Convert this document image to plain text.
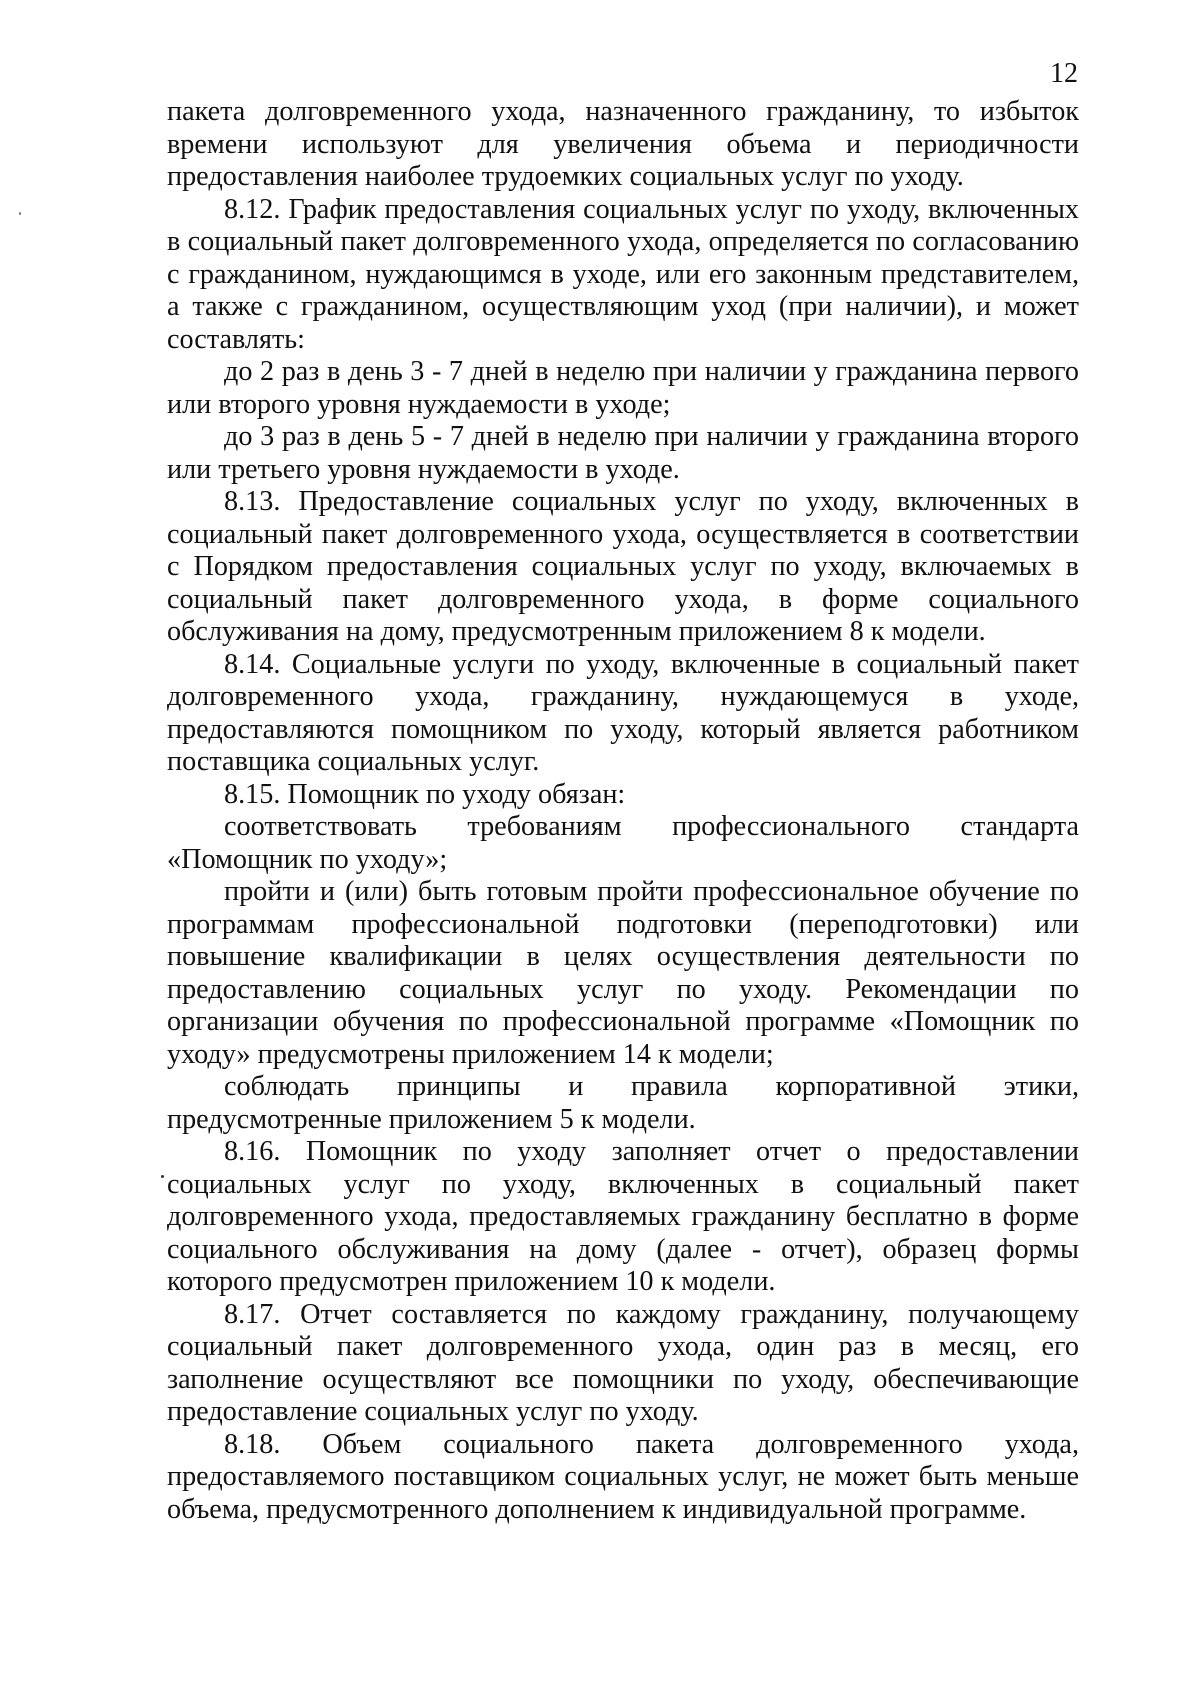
12

пакета долговременного ухода, назначенного гражданину, то избыток времени используют для увеличения объема и периодичности предоставления наиболее трудоемких социальных услуг по уходу.

8.12. График предоставления социальных услуг по уходу, включенных в социальный пакет долговременного ухода, определяется по согласованию с гражданином, нуждающимся в уходе, или его законным представителем, а также с гражданином, осуществляющим уход (при наличии), и может составлять:

до 2 раз в день 3 - 7 дней в неделю при наличии у гражданина первого или второго уровня нуждаемости в уходе;

до 3 раз в день 5 - 7 дней в неделю при наличии у гражданина второго или третьего уровня нуждаемости в уходе.

8.13. Предоставление социальных услуг по уходу, включенных в социальный пакет долговременного ухода, осуществляется в соответствии с Порядком предоставления социальных услуг по уходу, включаемых в социальный пакет долговременного ухода, в форме социального обслуживания на дому, предусмотренным приложением 8 к модели.

8.14. Социальные услуги по уходу, включенные в социальный пакет долговременного ухода, гражданину, нуждающемуся в уходе, предоставляются помощником по уходу, который является работником поставщика социальных услуг.

8.15. Помощник по уходу обязан:

соответствовать требованиям профессионального стандарта «Помощник по уходу»;

пройти и (или) быть готовым пройти профессиональное обучение по программам профессиональной подготовки (переподготовки) или повышение квалификации в целях осуществления деятельности по предоставлению социальных услуг по уходу. Рекомендации по организации обучения по профессиональной программе «Помощник по уходу» предусмотрены приложением 14 к модели;

соблюдать принципы и правила корпоративной этики, предусмотренные приложением 5 к модели.

8.16. Помощник по уходу заполняет отчет о предоставлении социальных услуг по уходу, включенных в социальный пакет долговременного ухода, предоставляемых гражданину бесплатно в форме социального обслуживания на дому (далее - отчет), образец формы которого предусмотрен приложением 10 к модели.

8.17. Отчет составляется по каждому гражданину, получающему социальный пакет долговременного ухода, один раз в месяц, его заполнение осуществляют все помощники по уходу, обеспечивающие предоставление социальных услуг по уходу.

8.18. Объем социального пакета долговременного ухода, предоставляемого поставщиком социальных услуг, не может быть меньше объема, предусмотренного дополнением к индивидуальной программе.
